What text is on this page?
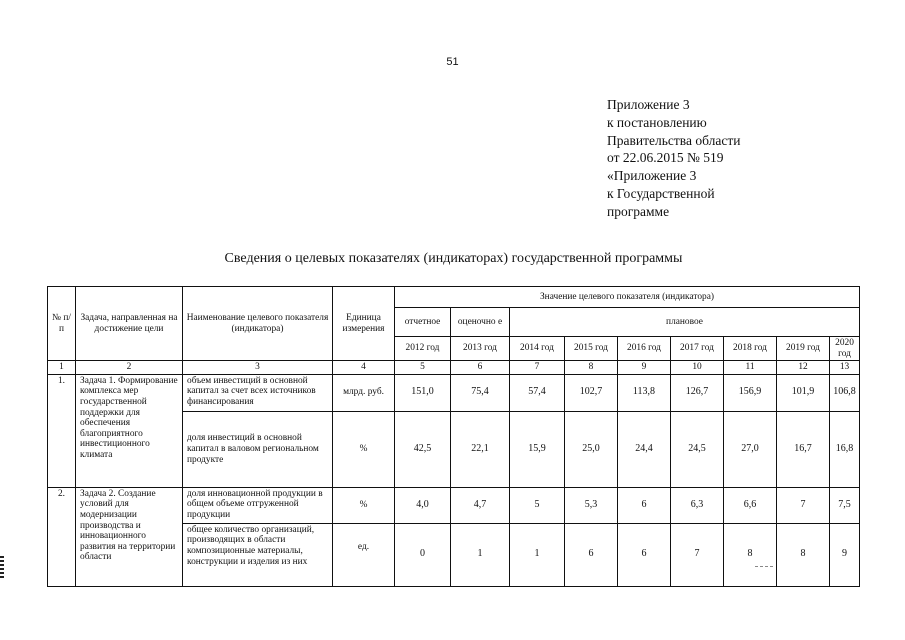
51
Приложение 3
к постановлению
Правительства области
от 22.06.2015 № 519
«Приложение 3
к Государственной
программе
Сведения о целевых показателях (индикаторах) государственной программы
№ п/п	Задача, направленная на достижение цели	Наименование целевого показателя (индикатора)	Единица измерения	Значение целевого показателя (индикатора)								
				отчетное	оценочно е	плановое						
				2012 год	2013 год	2014 год	2015 год	2016 год	2017 год	2018 год	2019 год	2020 год
1	2	3	4	5	6	7	8	9	10	11	12	13
1.	Задача 1. Формирование комплекса мер государственной поддержки для обеспечения благоприятного инвестиционного климата	объем инвестиций в основной капитал за счет всех источников финансирования	млрд. руб.	151,0	75,4	57,4	102,7	113,8	126,7	156,9	101,9	106,8
		доля инвестиций в основной капитал в валовом региональном продукте	%	42,5	22,1	15,9	25,0	24,4	24,5	27,0	16,7	16,8
2.	Задача 2. Создание условий для модернизации производства и инновационного развития на территории области	доля инновационной продукции в общем объеме отгруженной продукции	%	4,0	4,7	5	5,3	6	6,3	6,6	7	7,5
		общее количество организаций, производящих в области композиционные материалы, конструкции и изделия из них	ед.	0	1	1	6	6	7	8	8	9
